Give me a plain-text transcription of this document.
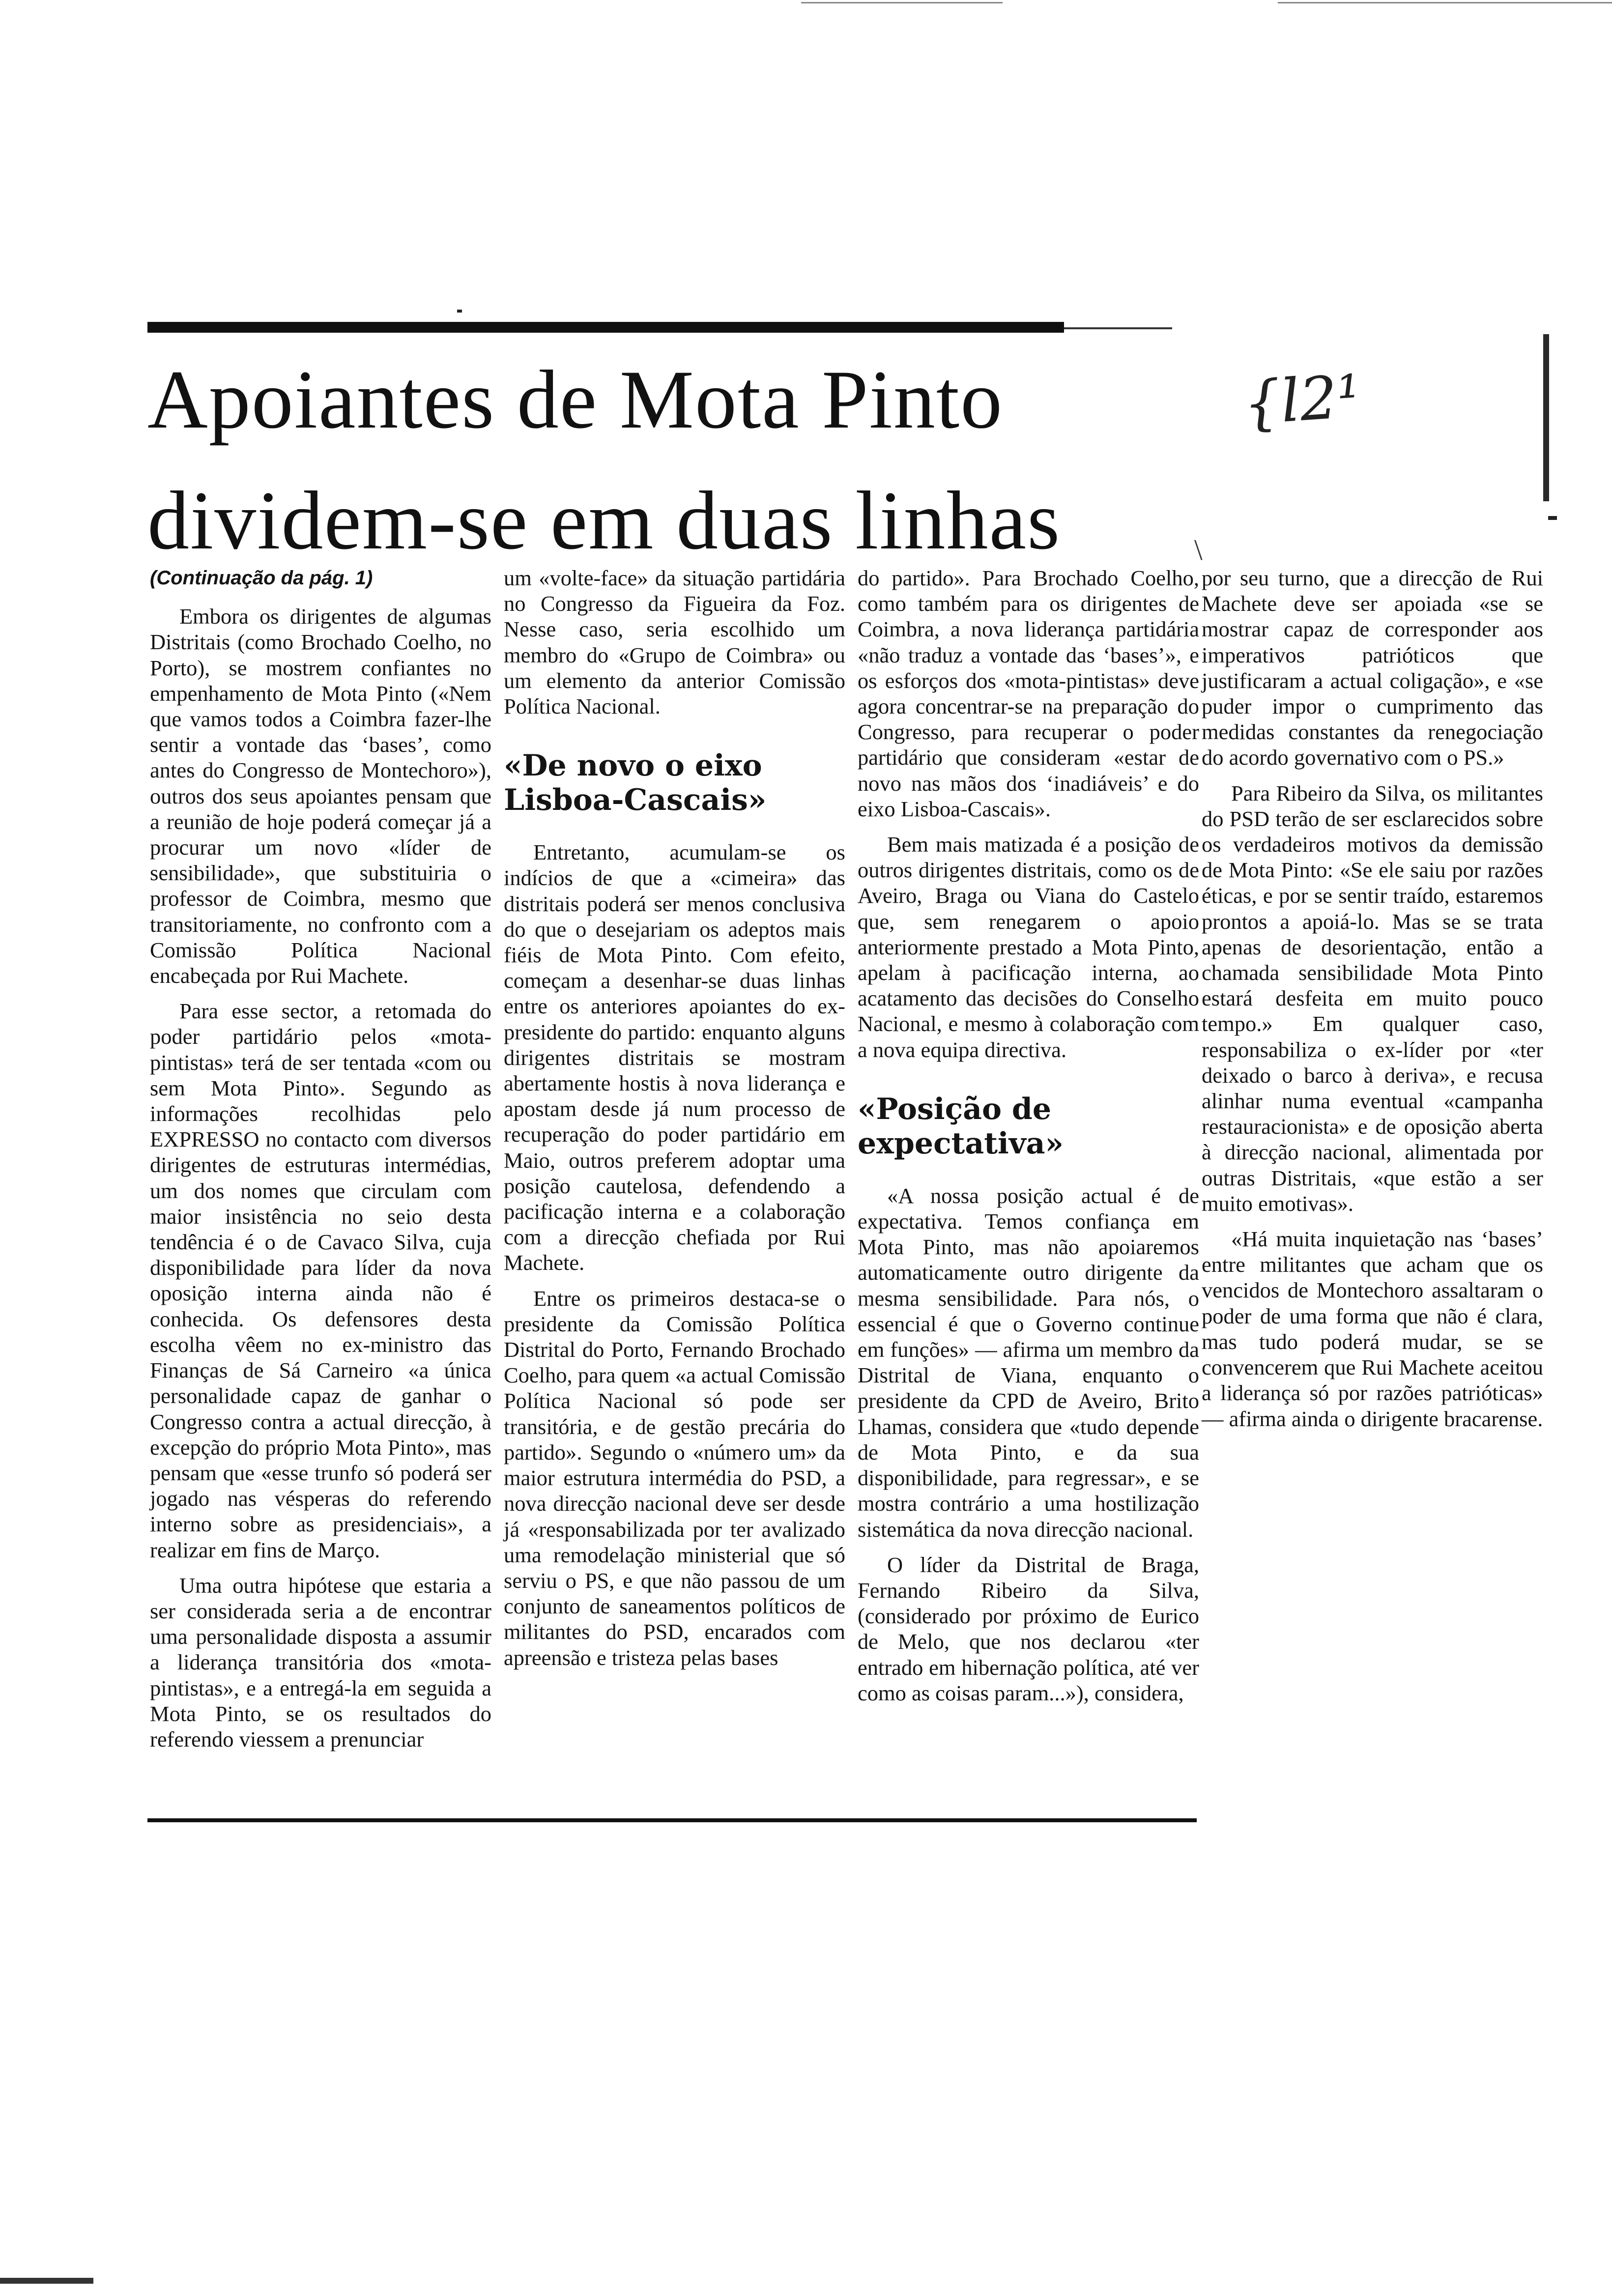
Apoiantes de Mota Pinto
dividem-se em duas linhas
{l2¹
\

(Continuação da pág. 1)

Embora os dirigentes de algumas Distritais (como Brochado Coelho, no Porto), se mostrem confiantes no empenhamento de Mota Pinto («Nem que vamos todos a Coimbra fazer-lhe sentir a vontade das ‘bases’, como antes do Congresso de Montechoro»), outros dos seus apoiantes pensam que a reunião de hoje poderá começar já a procurar um novo «líder de sensibilidade», que substituiria o professor de Coimbra, mesmo que transitoriamente, no confronto com a Comissão Política Nacional encabeçada por Rui Machete.

Para esse sector, a retomada do poder partidário pelos «mota-pintistas» terá de ser tentada «com ou sem Mota Pinto». Segundo as informações recolhidas pelo EXPRESSO no contacto com diversos dirigentes de estruturas intermédias, um dos nomes que circulam com maior insistência no seio desta tendência é o de Cavaco Silva, cuja disponibilidade para líder da nova oposição interna ainda não é conhecida. Os defensores desta escolha vêem no ex-ministro das Finanças de Sá Carneiro «a única personalidade capaz de ganhar o Congresso contra a actual direcção, à excepção do próprio Mota Pinto», mas pensam que «esse trunfo só poderá ser jogado nas vésperas do referendo interno sobre as presidenciais», a realizar em fins de Março.

Uma outra hipótese que estaria a ser considerada seria a de encontrar uma personalidade disposta a assumir a liderança transitória dos «mota-pintistas», e a entregá-la em seguida a Mota Pinto, se os resultados do referendo viessem a prenunciar

um «volte-face» da situação partidária no Congresso da Figueira da Foz. Nesse caso, seria escolhido um membro do «Grupo de Coimbra» ou um elemento da anterior Comissão Política Nacional.

«De novo o eixo Lisboa-Cascais»

Entretanto, acumulam-se os indícios de que a «cimeira» das distritais poderá ser menos conclusiva do que o desejariam os adeptos mais fiéis de Mota Pinto. Com efeito, começam a desenhar-se duas linhas entre os anteriores apoiantes do ex-presidente do partido: enquanto alguns dirigentes distritais se mostram abertamente hostis à nova liderança e apostam desde já num processo de recuperação do poder partidário em Maio, outros preferem adoptar uma posição cautelosa, defendendo a pacificação interna e a colaboração com a direcção chefiada por Rui Machete.

Entre os primeiros destaca-se o presidente da Comissão Política Distrital do Porto, Fernando Brochado Coelho, para quem «a actual Comissão Política Nacional só pode ser transitória, e de gestão precária do partido». Segundo o «número um» da maior estrutura intermédia do PSD, a nova direcção nacional deve ser desde já «responsabilizada por ter avalizado uma remodelação ministerial que só serviu o PS, e que não passou de um conjunto de saneamentos políticos de militantes do PSD, encarados com apreensão e tristeza pelas bases

do partido». Para Brochado Coelho, como também para os dirigentes de Coimbra, a nova liderança partidária «não traduz a vontade das ‘bases’», e os esforços dos «mota-pintistas» deve agora concentrar-se na preparação do Congresso, para recuperar o poder partidário que consideram «estar de novo nas mãos dos ‘inadiáveis’ e do eixo Lisboa-Cascais».

Bem mais matizada é a posição de outros dirigentes distritais, como os de Aveiro, Braga ou Viana do Castelo que, sem renegarem o apoio anteriormente prestado a Mota Pinto, apelam à pacificação interna, ao acatamento das decisões do Conselho Nacional, e mesmo à colaboração com a nova equipa directiva.

«Posição de expectativa»

«A nossa posição actual é de expectativa. Temos confiança em Mota Pinto, mas não apoiaremos automaticamente outro dirigente da mesma sensibilidade. Para nós, o essencial é que o Governo continue em funções» — afirma um membro da Distrital de Viana, enquanto o presidente da CPD de Aveiro, Brito Lhamas, considera que «tudo depende de Mota Pinto, e da sua disponibilidade, para regressar», e se mostra contrário a uma hostilização sistemática da nova direcção nacional.

O líder da Distrital de Braga, Fernando Ribeiro da Silva, (considerado por próximo de Eurico de Melo, que nos declarou «ter entrado em hibernação política, até ver como as coisas param...»), considera,

por seu turno, que a direcção de Rui Machete deve ser apoiada «se se mostrar capaz de corresponder aos imperativos patrióticos que justificaram a actual coligação», e «se puder impor o cumprimento das medidas constantes da renegociação do acordo governativo com o PS.»

Para Ribeiro da Silva, os militantes do PSD terão de ser esclarecidos sobre os verdadeiros motivos da demissão de Mota Pinto: «Se ele saiu por razões éticas, e por se sentir traído, estaremos prontos a apoiá-lo. Mas se se trata apenas de desorientação, então a chamada sensibilidade Mota Pinto estará desfeita em muito pouco tempo.» Em qualquer caso, responsabiliza o ex-líder por «ter deixado o barco à deriva», e recusa alinhar numa eventual «campanha restauracionista» e de oposição aberta à direcção nacional, alimentada por outras Distritais, «que estão a ser muito emotivas».

«Há muita inquietação nas ‘bases’ entre militantes que acham que os vencidos de Montechoro assaltaram o poder de uma forma que não é clara, mas tudo poderá mudar, se se convencerem que Rui Machete aceitou a liderança só por razões patrióticas» — afirma ainda o dirigente bracarense.
